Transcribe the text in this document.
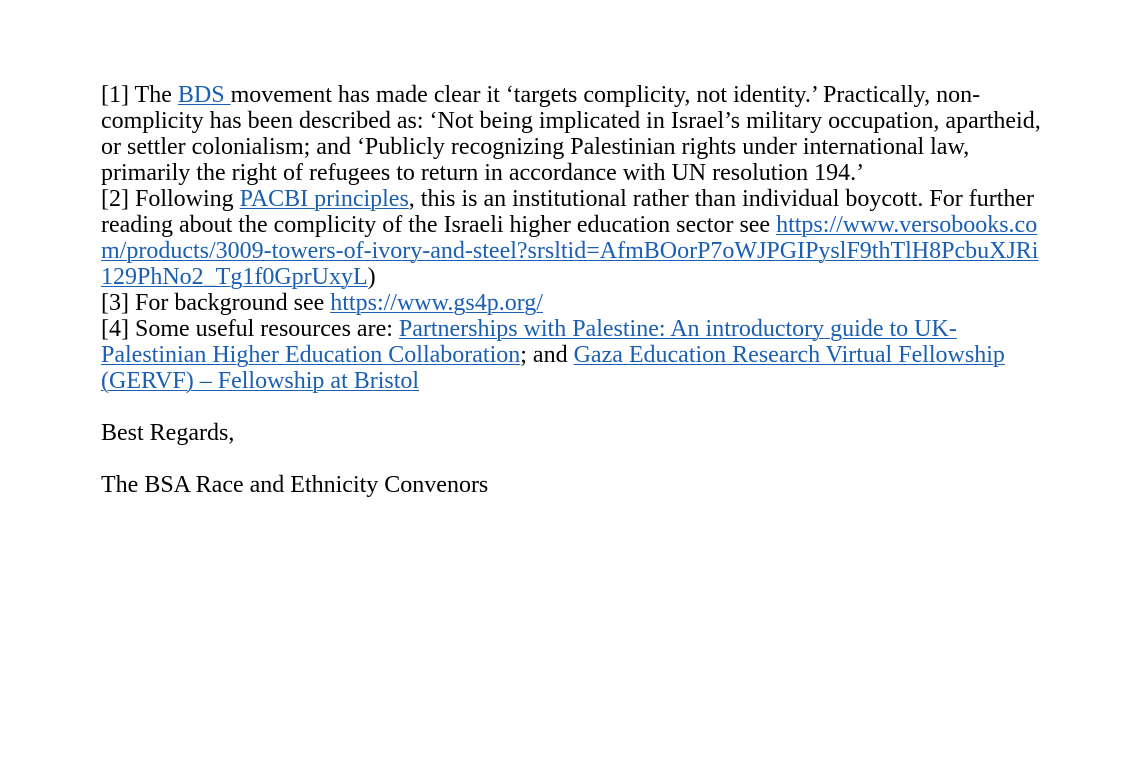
[1] The BDS movement has made clear it ‘targets complicity, not identity.’ Practically, non-complicity has been described as: ‘Not being implicated in Israel’s military occupation, apartheid, or settler colonialism; and ‘Publicly recognizing Palestinian rights under international law, primarily the right of refugees to return in accordance with UN resolution 194.’

[2] Following PACBI principles, this is an institutional rather than individual boycott. For further reading about the complicity of the Israeli higher education sector see https://www.versobooks.com/products/3009-towers-of-ivory-and-steel?srsltid=AfmBOorP7oWJPGIPyslF9thTlH8PcbuXJRi129PhNo2_Tg1f0GprUxyL)

[3] For background see https://www.gs4p.org/

[4] Some useful resources are: Partnerships with Palestine: An introductory guide to UK-Palestinian Higher Education Collaboration; and Gaza Education Research Virtual Fellowship (GERVF) – Fellowship at Bristol

Best Regards,

The BSA Race and Ethnicity Convenors
